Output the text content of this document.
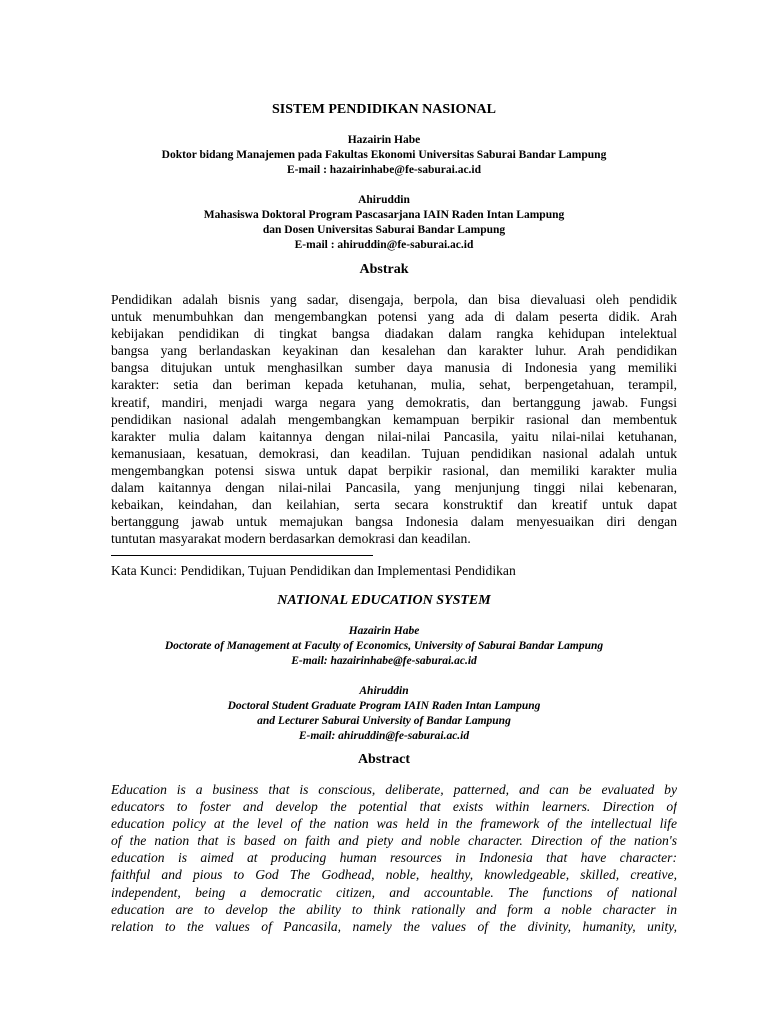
SISTEM PENDIDIKAN NASIONAL
Hazairin Habe
Doktor bidang Manajemen pada Fakultas Ekonomi Universitas Saburai Bandar Lampung
E-mail : hazairinhabe@fe-saburai.ac.id
Ahiruddin
Mahasiswa Doktoral Program Pascasarjana IAIN Raden Intan Lampung
dan Dosen Universitas Saburai Bandar Lampung
E-mail : ahiruddin@fe-saburai.ac.id
Abstrak
Pendidikan adalah bisnis yang sadar, disengaja, berpola, dan bisa dievaluasi oleh pendidik
untuk menumbuhkan dan mengembangkan potensi yang ada di dalam peserta didik. Arah
kebijakan pendidikan di tingkat bangsa diadakan dalam rangka kehidupan intelektual
bangsa yang berlandaskan keyakinan dan kesalehan dan karakter luhur. Arah pendidikan
bangsa ditujukan untuk menghasilkan sumber daya manusia di Indonesia yang memiliki
karakter: setia dan beriman kepada ketuhanan, mulia, sehat, berpengetahuan, terampil,
kreatif, mandiri, menjadi warga negara yang demokratis, dan bertanggung jawab. Fungsi
pendidikan nasional adalah mengembangkan kemampuan berpikir rasional dan membentuk
karakter mulia dalam kaitannya dengan nilai-nilai Pancasila, yaitu nilai-nilai ketuhanan,
kemanusiaan, kesatuan, demokrasi, dan keadilan. Tujuan pendidikan nasional adalah untuk
mengembangkan potensi siswa untuk dapat berpikir rasional, dan memiliki karakter mulia
dalam kaitannya dengan nilai-nilai Pancasila, yang menjunjung tinggi nilai kebenaran,
kebaikan, keindahan, dan keilahian, serta secara konstruktif dan kreatif untuk dapat
bertanggung jawab untuk memajukan bangsa Indonesia dalam menyesuaikan diri dengan
tuntutan masyarakat modern berdasarkan demokrasi dan keadilan.
Kata Kunci: Pendidikan, Tujuan Pendidikan dan Implementasi Pendidikan
NATIONAL EDUCATION SYSTEM
Hazairin Habe
Doctorate of Management at Faculty of Economics, University of Saburai Bandar Lampung
E-mail: hazairinhabe@fe-saburai.ac.id
Ahiruddin
Doctoral Student Graduate Program IAIN Raden Intan Lampung
and Lecturer Saburai University of Bandar Lampung
E-mail: ahiruddin@fe-saburai.ac.id
Abstract
Education is a business that is conscious, deliberate, patterned, and can be evaluated by
educators to foster and develop the potential that exists within learners. Direction of
education policy at the level of the nation was held in the framework of the intellectual life
of the nation that is based on faith and piety and noble character. Direction of the nation's
education is aimed at producing human resources in Indonesia that have character:
faithful and pious to God The Godhead, noble, healthy, knowledgeable, skilled, creative,
independent, being a democratic citizen, and accountable. The functions of national
education are to develop the ability to think rationally and form a noble character in
relation to the values of Pancasila, namely the values of the divinity, humanity, unity,
